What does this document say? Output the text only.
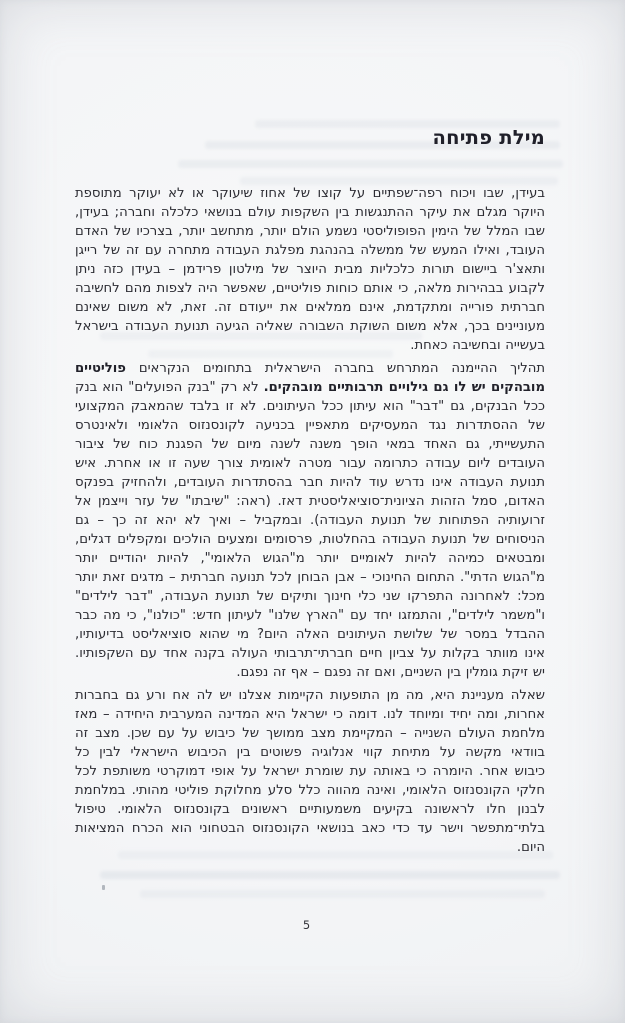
מילת פתיחה
בעידן, שבו ויכוח רפה־שפתיים על קוצו של אחוז שיעוקר או לא יעוקר מתוספת
היוקר מגלם את עיקר ההתנגשות בין השקפות עולם בנושאי כלכלה וחברה; בעידן,
שבו המלל של הימין הפופוליסטי נשמע הולם יותר, מתחשב יותר, בצרכיו של האדם
העובד, ואילו המעש של ממשלה בהנהגת מפלגת העבודה מתחרה עם זה של רייגן
ותאצ'ר ביישום תורות כלכליות מבית היוצר של מילטון פרידמן – בעידן כזה ניתן
לקבוע בבהירות מלאה, כי אותם כוחות פוליטיים, שאפשר היה לצפות מהם לחשיבה
חברתית פורייה ומתקדמת, אינם ממלאים את ייעודם זה. זאת, לא משום שאינם
מעוניינים בכך, אלא משום השוקת השבורה שאליה הגיעה תנועת העבודה בישראל
בעשייה ובחשיבה כאחת.
תהליך ההיימנה המתרחש בחברה הישראלית בתחומים הנקראים פוליטיים
מובהקים יש לו גם גילויים תרבותיים מובהקים. לא רק "בנק הפועלים" הוא בנק
ככל הבנקים, גם "דבר" הוא עיתון ככל העיתונים. לא זו בלבד שהמאבק המקצועי
של ההסתדרות נגד המעסיקים מתאפיין בכניעה לקונסנזוס הלאומי ולאינטרס
התעשייתי, גם האחד במאי הופך משנה לשנה מיום של הפגנת כוח של ציבור
העובדים ליום עבודה כתרומה עבור מטרה לאומית צורך שעה זו או אחרת. איש
תנועת העבודה אינו נדרש עוד להיות חבר בהסתדרות העובדים, ולהחזיק בפנקס
האדום, סמל הזהות הציונית־סוציאליסטית דאז. (ראה: "שיבתו" של עזר וייצמן אל
זרועותיה הפתוחות של תנועת העבודה). ובמקביל – ואיך לא יהא זה כך – גם
הניסוחים של תנועת העבודה בהחלטות, פרסומים ומצעים הולכים ומקפלים דגלים,
ומבטאים כמיהה להיות לאומיים יותר מ"הגוש הלאומי", להיות יהודיים יותר
מ"הגוש הדתי". התחום החינוכי – אבן הבוחן לכל תנועה חברתית – מדגים זאת יותר
מכל: לאחרונה התפרקו שני כלי חינוך ותיקים של תנועת העבודה, "דבר לילדים"
ו"משמר לילדים", והתמזגו יחד עם "הארץ שלנו" לעיתון חדש: "כולנו", כי מה כבר
ההבדל במסר של שלושת העיתונים האלה היום? מי שהוא סוציאליסט בדיעותיו,
אינו מוותר בקלות על צביון חיים חברתי־תרבותי העולה בקנה אחד עם השקפותיו.
יש זיקת גומלין בין השניים, ואם זה נפגם – אף זה נפגם.
שאלה מעניינת היא, מה מן התופעות הקיימות אצלנו יש לה אח ורע גם בחברות
אחרות, ומה יחיד ומיוחד לנו. דומה כי ישראל היא המדינה המערבית היחידה – מאז
מלחמת העולם השנייה – המקיימת מצב ממושך של כיבוש על עם שכן. מצב זה
בוודאי מקשה על מתיחת קווי אנלוגיה פשוטים בין הכיבוש הישראלי לבין כל
כיבוש אחר. היומרה כי באותה עת שומרת ישראל על אופי דמוקרטי משותפת לכל
חלקי הקונסנזוס הלאומי, ואינה מהווה כלל סלע מחלוקת פוליטי מהותי. במלחמת
לבנון חלו לראשונה בקיעים משמעותיים ראשונים בקונסנזוס הלאומי. טיפול
בלתי־מתפשר וישר עד כדי כאב בנושאי הקונסנזוס הבטחוני הוא הכרח המציאות
היום.
5
